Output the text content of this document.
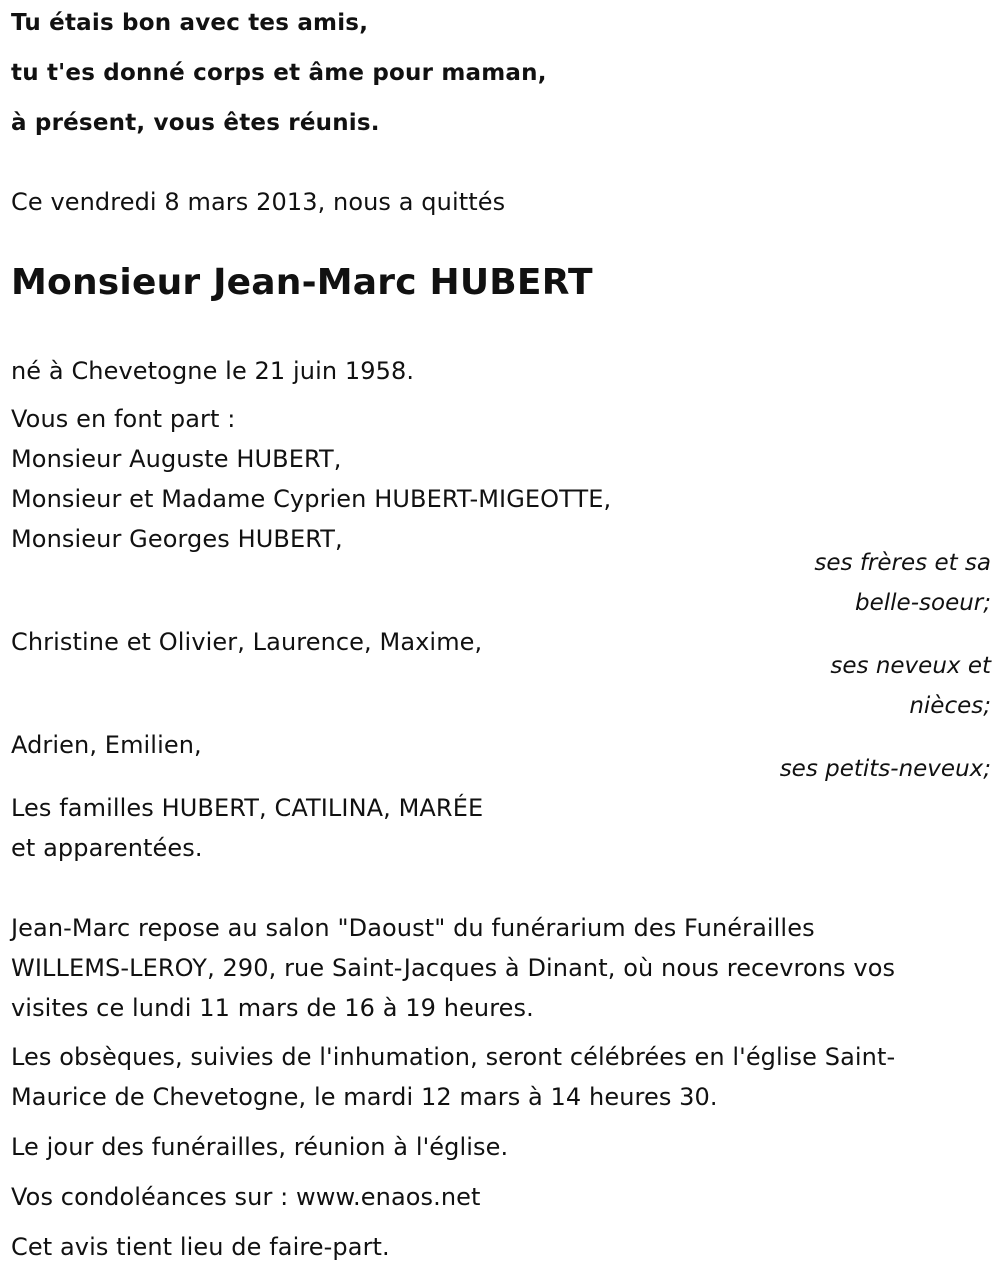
Tu étais bon avec tes amis,
tu t'es donné corps et âme pour maman,
à présent, vous êtes réunis.
Ce vendredi 8 mars 2013, nous a quittés
Monsieur Jean-Marc HUBERT
né à Chevetogne le 21 juin 1958.
Vous en font part :
Monsieur Auguste HUBERT,
Monsieur et Madame Cyprien HUBERT-MIGEOTTE,
Monsieur Georges HUBERT,
ses frères et sa
belle-soeur;
Christine et Olivier, Laurence, Maxime,
ses neveux et
nièces;
Adrien, Emilien,
ses petits-neveux;
Les familles HUBERT, CATILINA, MARÉE
et apparentées.
Jean-Marc repose au salon "Daoust" du funérarium des Funérailles
WILLEMS-LEROY, 290, rue Saint-Jacques à Dinant, où nous recevrons vos
visites ce lundi 11 mars de 16 à 19 heures.
Les obsèques, suivies de l'inhumation, seront célébrées en l'église Saint-
Maurice de Chevetogne, le mardi 12 mars à 14 heures 30.
Le jour des funérailles, réunion à l'église.
Vos condoléances sur : www.enaos.net
Cet avis tient lieu de faire-part.
